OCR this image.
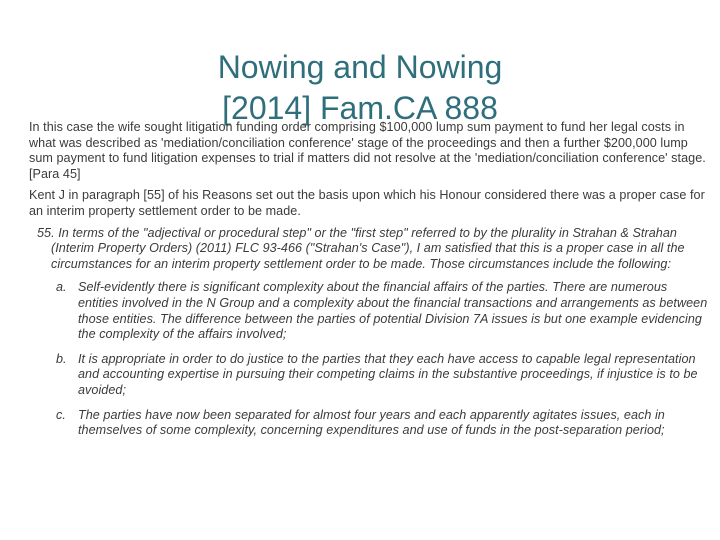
Nowing and Nowing
[2014] Fam.CA 888

In this case the wife sought litigation funding order comprising $100,000 lump sum payment to fund her legal costs in what was described as 'mediation/conciliation conference' stage of the proceedings and then a further $200,000 lump sum payment to fund litigation expenses to trial if matters did not resolve at the 'mediation/conciliation conference' stage. [Para 45]

Kent J in paragraph [55] of his Reasons set out the basis upon which his Honour considered there was a proper case for an interim property settlement order to be made.

55. In terms of the "adjectival or procedural step" or the "first step" referred to by the plurality in Strahan & Strahan (Interim Property Orders) (2011) FLC 93-466 ("Strahan's Case"), I am satisfied that this is a proper case in all the circumstances for an interim property settlement order to be made. Those circumstances include the following:

a. Self-evidently there is significant complexity about the financial affairs of the parties. There are numerous entities involved in the N Group and a complexity about the financial transactions and arrangements as between those entities. The difference between the parties of potential Division 7A issues is but one example evidencing the complexity of the affairs involved;
b. It is appropriate in order to do justice to the parties that they each have access to capable legal representation and accounting expertise in pursuing their competing claims in the substantive proceedings, if injustice is to be avoided;
c. The parties have now been separated for almost four years and each apparently agitates issues, each in themselves of some complexity, concerning expenditures and use of funds in the post-separation period;
